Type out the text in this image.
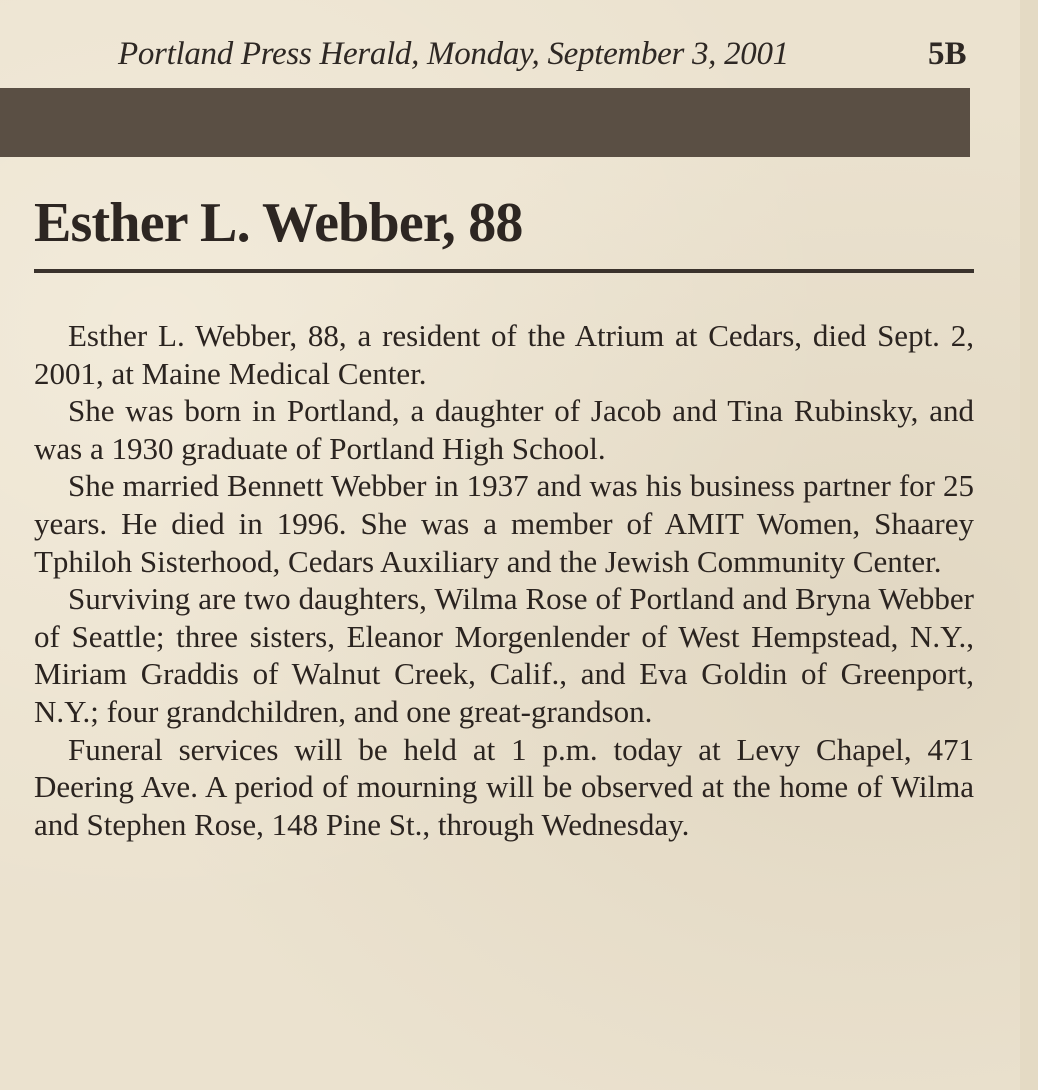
Portland Press Herald, Monday, September 3, 2001	5B
Esther L. Webber, 88

Esther L. Webber, 88, a resident of the Atrium at Cedars, died Sept. 2, 2001, at Maine Medical Center.

She was born in Portland, a daughter of Jacob and Tina Rubinsky, and was a 1930 graduate of Portland High School.

She married Bennett Webber in 1937 and was his business partner for 25 years. He died in 1996. She was a member of AMIT Women, Shaarey Tphiloh Sisterhood, Cedars Auxiliary and the Jewish Community Center.

Surviving are two daughters, Wilma Rose of Portland and Bryna Webber of Seattle; three sisters, Eleanor Morgenlender of West Hempstead, N.Y., Miriam Graddis of Walnut Creek, Calif., and Eva Goldin of Greenport, N.Y.; four grandchildren, and one great-grandson.

Funeral services will be held at 1 p.m. today at Levy Chapel, 471 Deering Ave. A period of mourning will be observed at the home of Wilma and Stephen Rose, 148 Pine St., through Wednesday.
